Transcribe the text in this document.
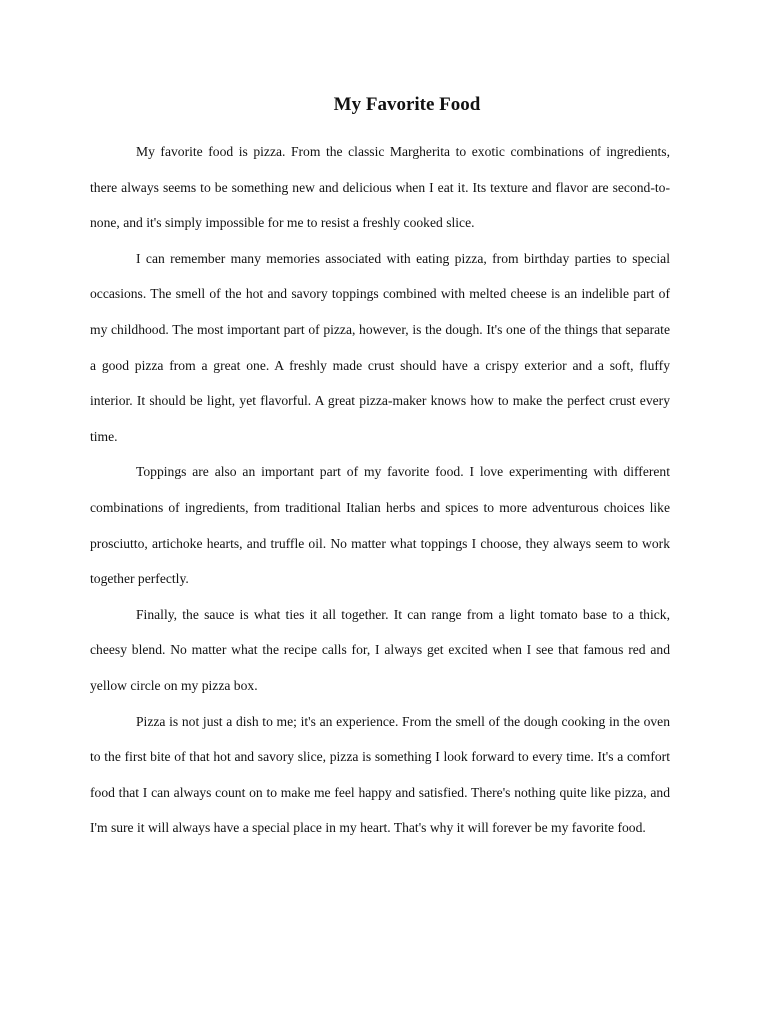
My Favorite Food

My favorite food is pizza. From the classic Margherita to exotic combinations of ingredients, there always seems to be something new and delicious when I eat it. Its texture and flavor are second-to-none, and it's simply impossible for me to resist a freshly cooked slice.

I can remember many memories associated with eating pizza, from birthday parties to special occasions. The smell of the hot and savory toppings combined with melted cheese is an indelible part of my childhood. The most important part of pizza, however, is the dough. It's one of the things that separate a good pizza from a great one. A freshly made crust should have a crispy exterior and a soft, fluffy interior. It should be light, yet flavorful. A great pizza-maker knows how to make the perfect crust every time.

Toppings are also an important part of my favorite food. I love experimenting with different combinations of ingredients, from traditional Italian herbs and spices to more adventurous choices like prosciutto, artichoke hearts, and truffle oil. No matter what toppings I choose, they always seem to work together perfectly.

Finally, the sauce is what ties it all together. It can range from a light tomato base to a thick, cheesy blend. No matter what the recipe calls for, I always get excited when I see that famous red and yellow circle on my pizza box.

Pizza is not just a dish to me; it's an experience. From the smell of the dough cooking in the oven to the first bite of that hot and savory slice, pizza is something I look forward to every time. It's a comfort food that I can always count on to make me feel happy and satisfied. There's nothing quite like pizza, and I'm sure it will always have a special place in my heart. That's why it will forever be my favorite food.
